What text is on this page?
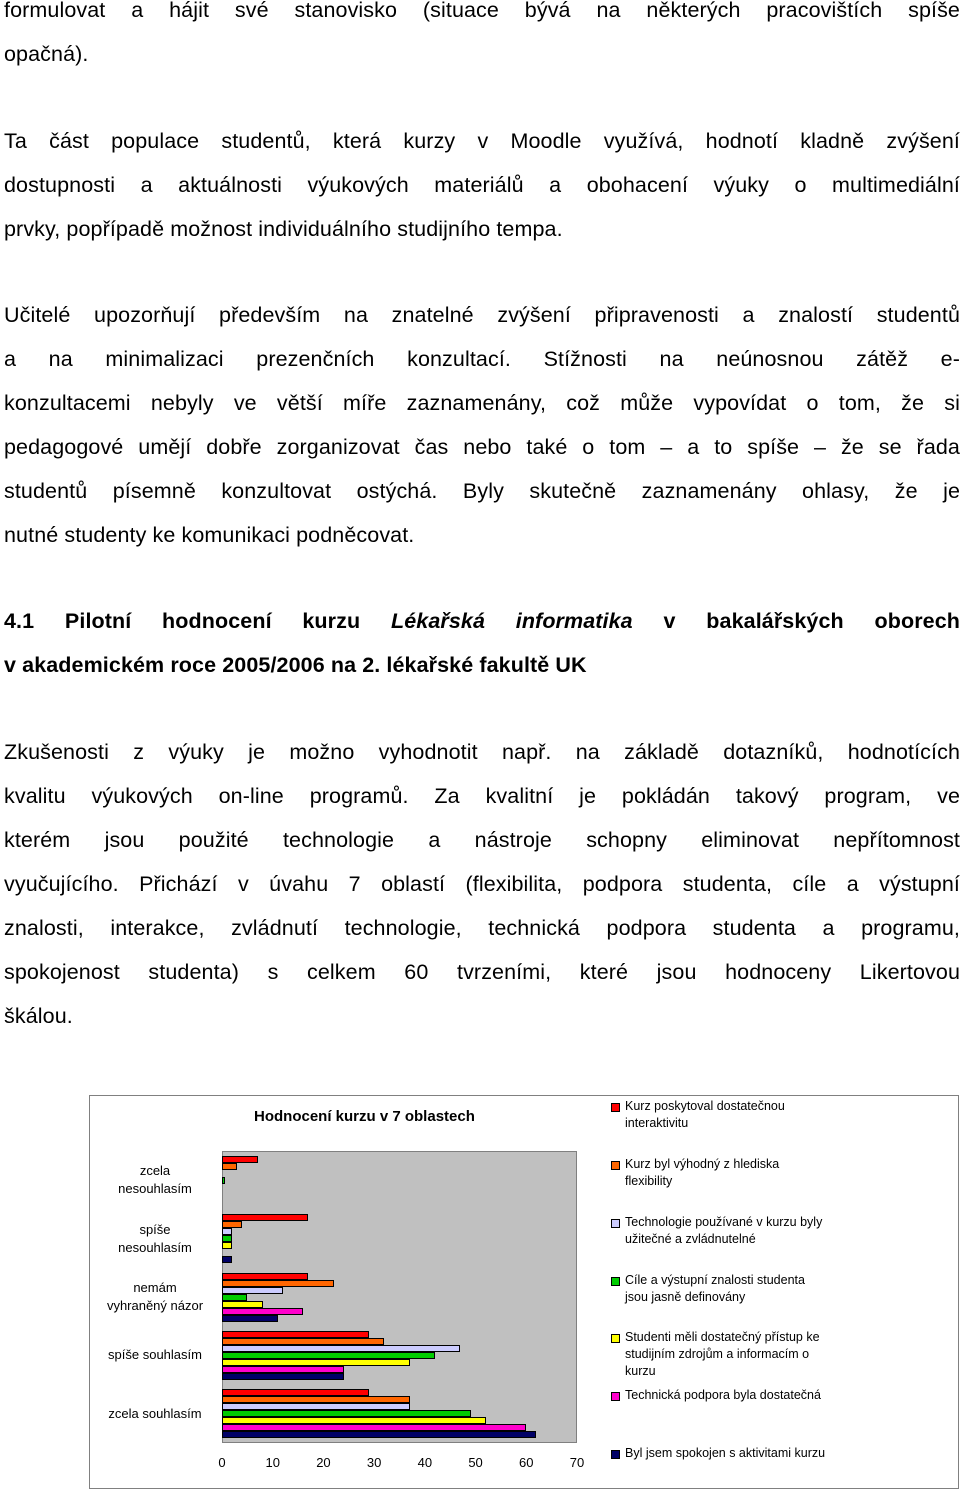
formulovat a hájit své stanovisko (situace bývá na některých pracovištích spíše
opačná).
Ta část populace studentů, která kurzy v Moodle využívá, hodnotí kladně zvýšení
dostupnosti a aktuálnosti výukových materiálů a obohacení výuky o multimediální
prvky, popřípadě možnost individuálního studijního tempa.
Učitelé upozorňují především na znatelné zvýšení připravenosti a znalostí studentů
a na minimalizaci prezenčních konzultací. Stížnosti na neúnosnou zátěž e-
konzultacemi nebyly ve větší míře zaznamenány, což může vypovídat o tom, že si
pedagogové umějí dobře zorganizovat čas nebo také o tom – a to spíše – že se řada
studentů písemně konzultovat ostýchá. Byly skutečně zaznamenány ohlasy, že je
nutné studenty ke komunikaci podněcovat.
4.1 Pilotní hodnocení kurzu Lékařská informatika v bakalářských oborech
v akademickém roce 2005/2006 na 2. lékařské fakultě UK
Zkušenosti z výuky je možno vyhodnotit např. na základě dotazníků, hodnotících
kvalitu výukových on-line programů. Za kvalitní je pokládán takový program, ve
kterém jsou použité technologie a nástroje schopny eliminovat nepřítomnost
vyučujícího. Přichází v úvahu 7 oblastí (flexibilita, podpora studenta, cíle a výstupní
znalosti, interakce, zvládnutí technologie, technická podpora studenta a programu,
spokojenost studenta) s celkem 60 tvrzeními, které jsou hodnoceny Likertovou
škálou.
Hodnocení kurzu v 7 oblastech
zcela
nesouhlasím
spíše
nesouhlasím
nemám
vyhraněný názor
spíše souhlasím
zcela souhlasím
0	10	20	30	40	50	60	70
Kurz poskytoval dostatečnou
interaktivitu
Kurz byl výhodný z hlediska
flexibility
Technologie používané v kurzu byly
užitečné a zvládnutelné
Cíle a výstupní znalosti studenta
jsou jasně definovány
Studenti měli dostatečný přístup ke
studijním zdrojům a informacím o
kurzu
Technická podpora byla dostatečná
Byl jsem spokojen s aktivitami kurzu
